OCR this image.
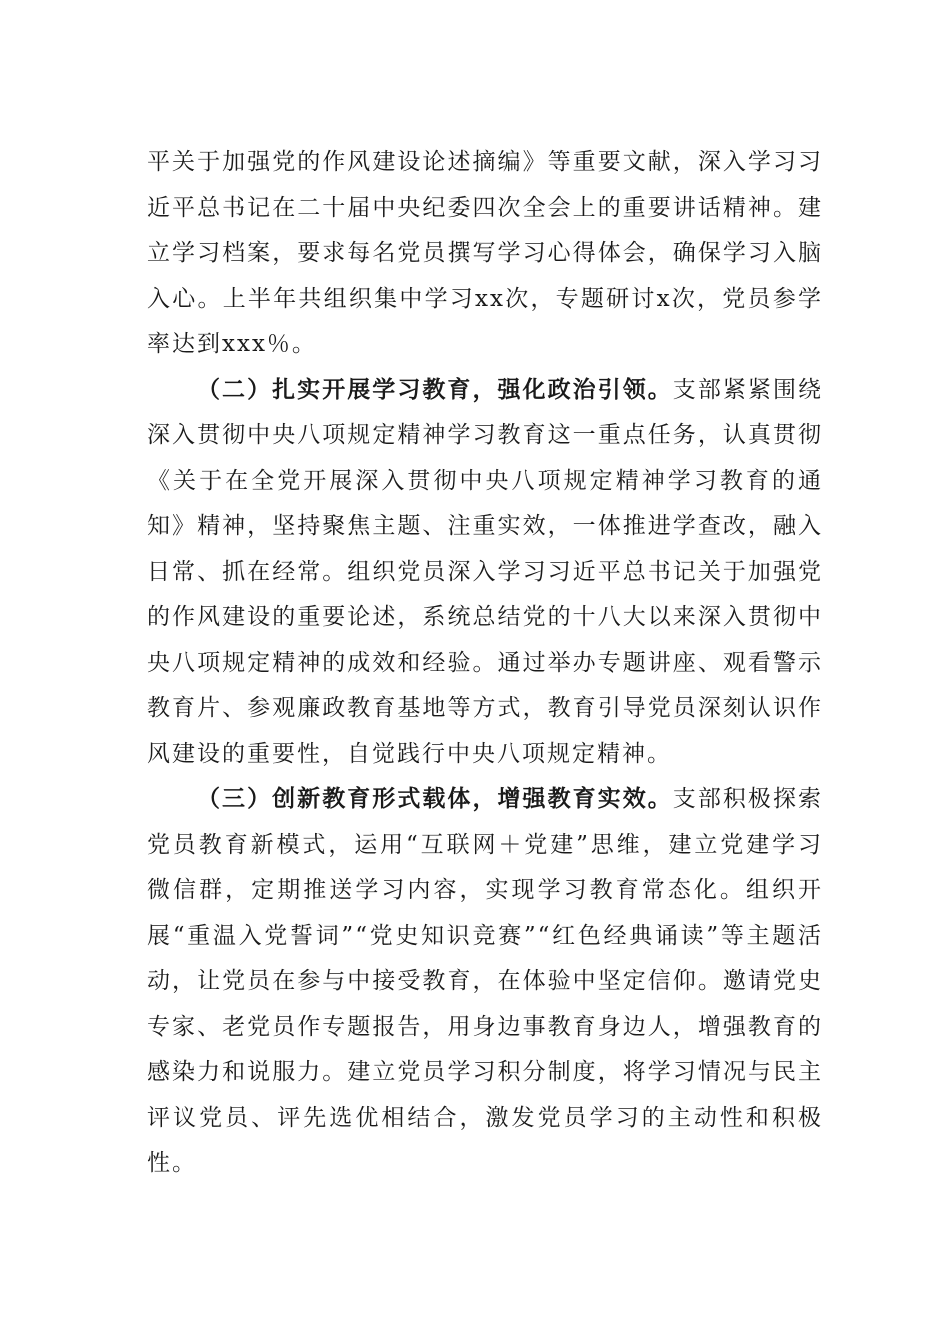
平关于加强党的作风建设论述摘编》等重要文献，深入学习习近平总书记在二十届中央纪委四次全会上的重要讲话精神。建立学习档案，要求每名党员撰写学习心得体会，确保学习入脑入心。上半年共组织集中学习xx次，专题研讨x次，党员参学率达到xxx％。

（二）扎实开展学习教育，强化政治引领。支部紧紧围绕深入贯彻中央八项规定精神学习教育这一重点任务，认真贯彻《关于在全党开展深入贯彻中央八项规定精神学习教育的通知》精神，坚持聚焦主题、注重实效，一体推进学查改，融入日常、抓在经常。组织党员深入学习习近平总书记关于加强党的作风建设的重要论述，系统总结党的十八大以来深入贯彻中央八项规定精神的成效和经验。通过举办专题讲座、观看警示教育片、参观廉政教育基地等方式，教育引导党员深刻认识作风建设的重要性，自觉践行中央八项规定精神。

（三）创新教育形式载体，增强教育实效。支部积极探索党员教育新模式，运用“互联网＋党建”思维，建立党建学习微信群，定期推送学习内容，实现学习教育常态化。组织开展“重温入党誓词”“党史知识竞赛”“红色经典诵读”等主题活动，让党员在参与中接受教育，在体验中坚定信仰。邀请党史专家、老党员作专题报告，用身边事教育身边人，增强教育的感染力和说服力。建立党员学习积分制度，将学习情况与民主评议党员、评先选优相结合，激发党员学习的主动性和积极性。
